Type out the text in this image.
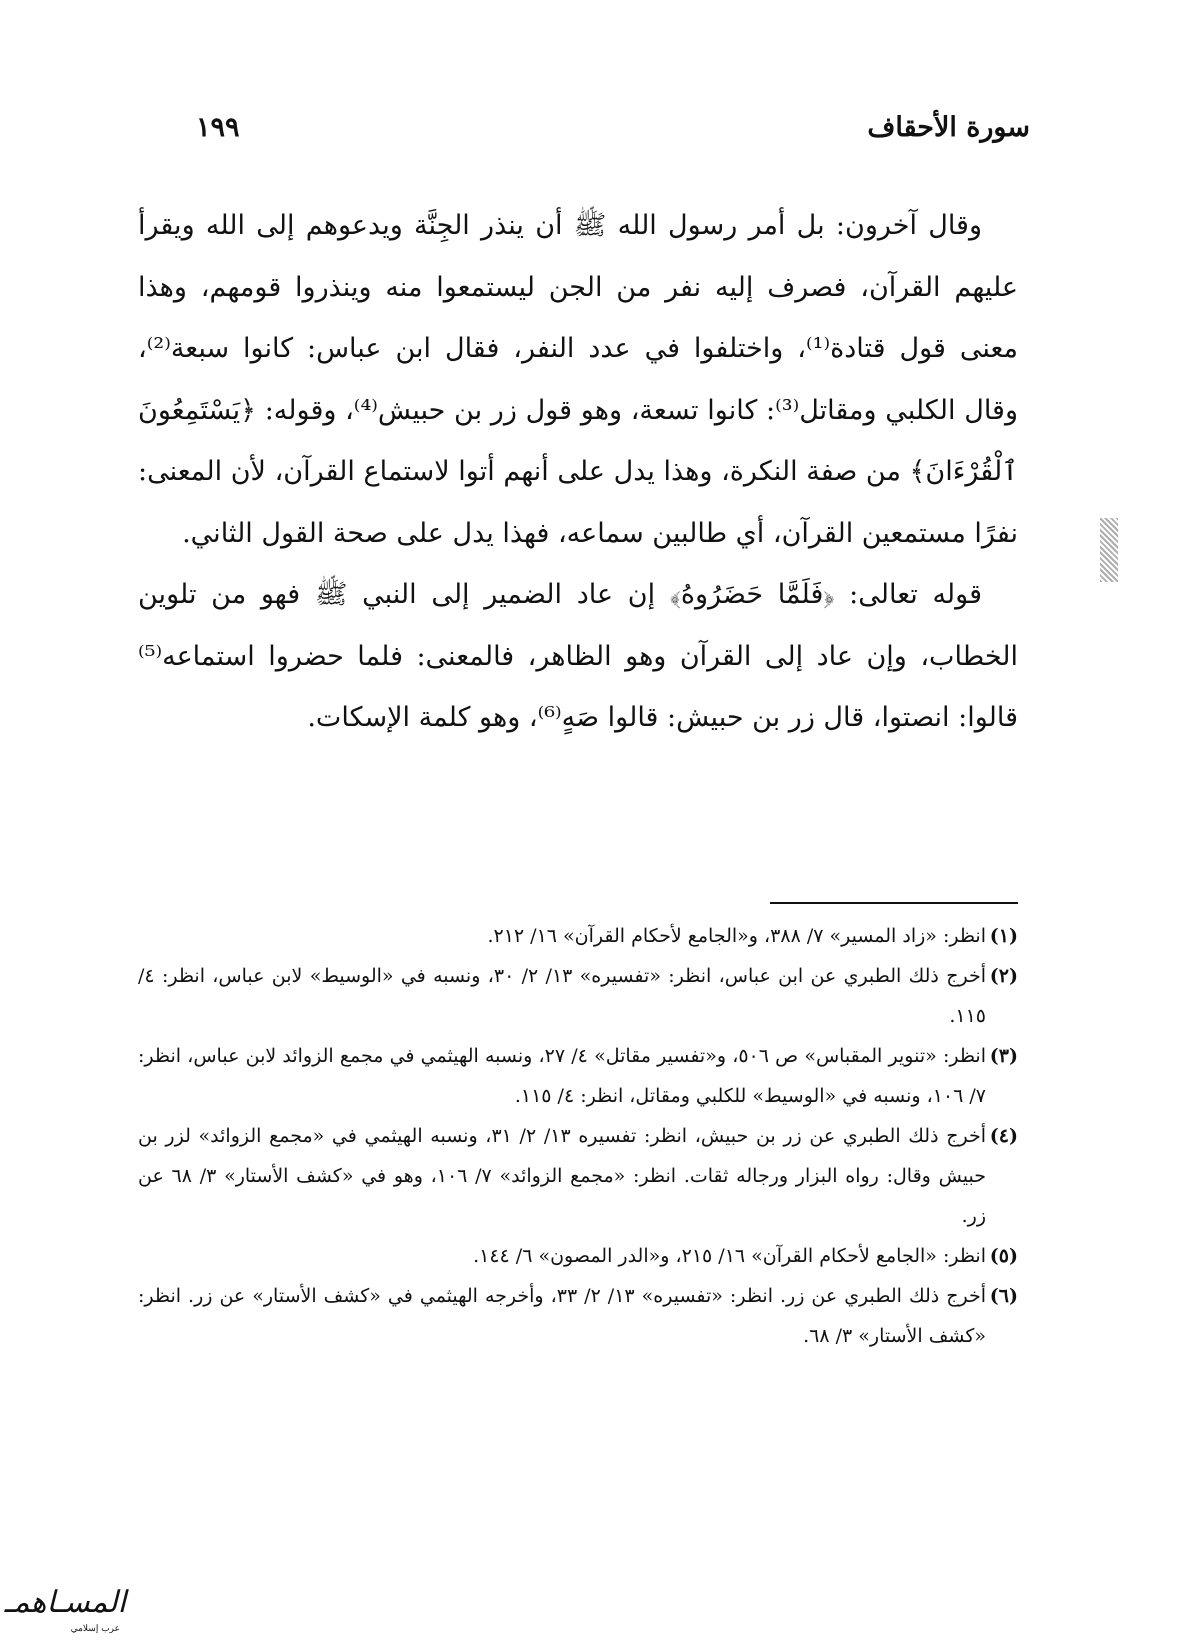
سورة الأحقاف
١٩٩

وقال آخرون: بل أمر رسول الله ﷺ أن ينذر الجِنَّة ويدعوهم إلى الله ويقرأ عليهم القرآن، فصرف إليه نفر من الجن ليستمعوا منه وينذروا قومهم، وهذا معنى قول قتادة⁽¹⁾، واختلفوا في عدد النفر، فقال ابن عباس: كانوا سبعة⁽²⁾، وقال الكلبي ومقاتل⁽³⁾: كانوا تسعة، وهو قول زر بن حبيش⁽⁴⁾، وقوله: ﴿يَسْتَمِعُونَ ٱلْقُرْءَانَ﴾ من صفة النكرة، وهذا يدل على أنهم أتوا لاستماع القرآن، لأن المعنى: نفرًا مستمعين القرآن، أي طالبين سماعه، فهذا يدل على صحة القول الثاني.

قوله تعالى: ﴿فَلَمَّا حَضَرُوهُ﴾ إن عاد الضمير إلى النبي ﷺ فهو من تلوين الخطاب، وإن عاد إلى القرآن وهو الظاهر، فالمعنى: فلما حضروا استماعه⁽⁵⁾ قالوا: انصتوا، قال زر بن حبيش: قالوا صَهٍ⁽⁶⁾، وهو كلمة الإسكات.

(١)
انظر: «زاد المسير» ٧/ ٣٨٨، و«الجامع لأحكام القرآن» ١٦/ ٢١٢.
(٢)
أخرج ذلك الطبري عن ابن عباس، انظر: «تفسيره» ١٣/ ٢/ ٣٠، ونسبه في «الوسيط» لابن عباس، انظر: ٤/ ١١٥.
(٣)
انظر: «تنوير المقباس» ص ٥٠٦، و«تفسير مقاتل» ٤/ ٢٧، ونسبه الهيثمي في مجمع الزوائد لابن عباس، انظر: ٧/ ١٠٦، ونسبه في «الوسيط» للكلبي ومقاتل، انظر: ٤/ ١١٥.
(٤)
أخرج ذلك الطبري عن زر بن حبيش، انظر: تفسيره ١٣/ ٢/ ٣١، ونسبه الهيثمي في «مجمع الزوائد» لزر بن حبيش وقال: رواه البزار ورجاله ثقات. انظر: «مجمع الزوائد» ٧/ ١٠٦، وهو في «كشف الأستار» ٣/ ٦٨ عن زر.
(٥)
انظر: «الجامع لأحكام القرآن» ١٦/ ٢١٥، و«الدر المصون» ٦/ ١٤٤.
(٦)
أخرج ذلك الطبري عن زر. انظر: «تفسيره» ١٣/ ٢/ ٣٣، وأخرجه الهيثمي في «كشف الأستار» عن زر. انظر: «كشف الأستار» ٣/ ٦٨.
المسـاهمـ
عرب إسلامي
